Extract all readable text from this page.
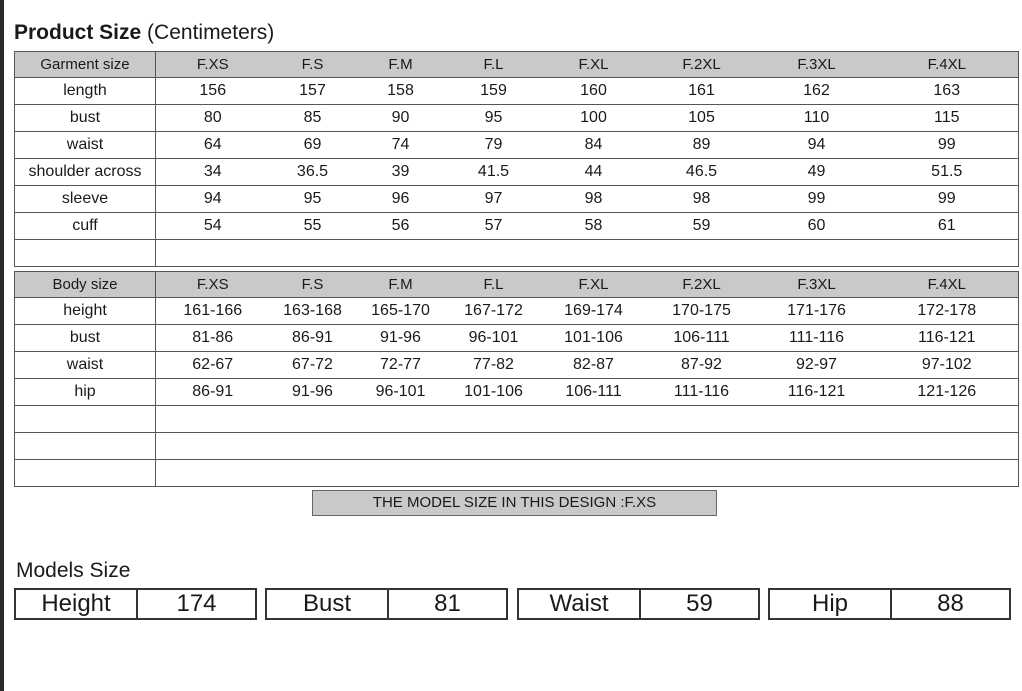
Product Size (Centimeters)
Garment size	F.XS	F.S	F.M	F.L	F.XL	F.2XL	F.3XL	F.4XL
length	156	157	158	159	160	161	162	163
bust	80	85	90	95	100	105	110	115
waist	64	69	74	79	84	89	94	99
shoulder across	34	36.5	39	41.5	44	46.5	49	51.5
sleeve	94	95	96	97	98	98	99	99
cuff	54	55	56	57	58	59	60	61

Body size	F.XS	F.S	F.M	F.L	F.XL	F.2XL	F.3XL	F.4XL
height	161-166	163-168	165-170	167-172	169-174	170-175	171-176	172-178
bust	81-86	86-91	91-96	96-101	101-106	106-111	111-116	116-121
waist	62-67	67-72	72-77	77-82	82-87	87-92	92-97	97-102
hip	86-91	91-96	96-101	101-106	106-111	111-116	116-121	121-126

THE MODEL SIZE IN THIS DESIGN :F.XS
Models Size
Height	174	Bust	81	Waist	59	Hip	88
